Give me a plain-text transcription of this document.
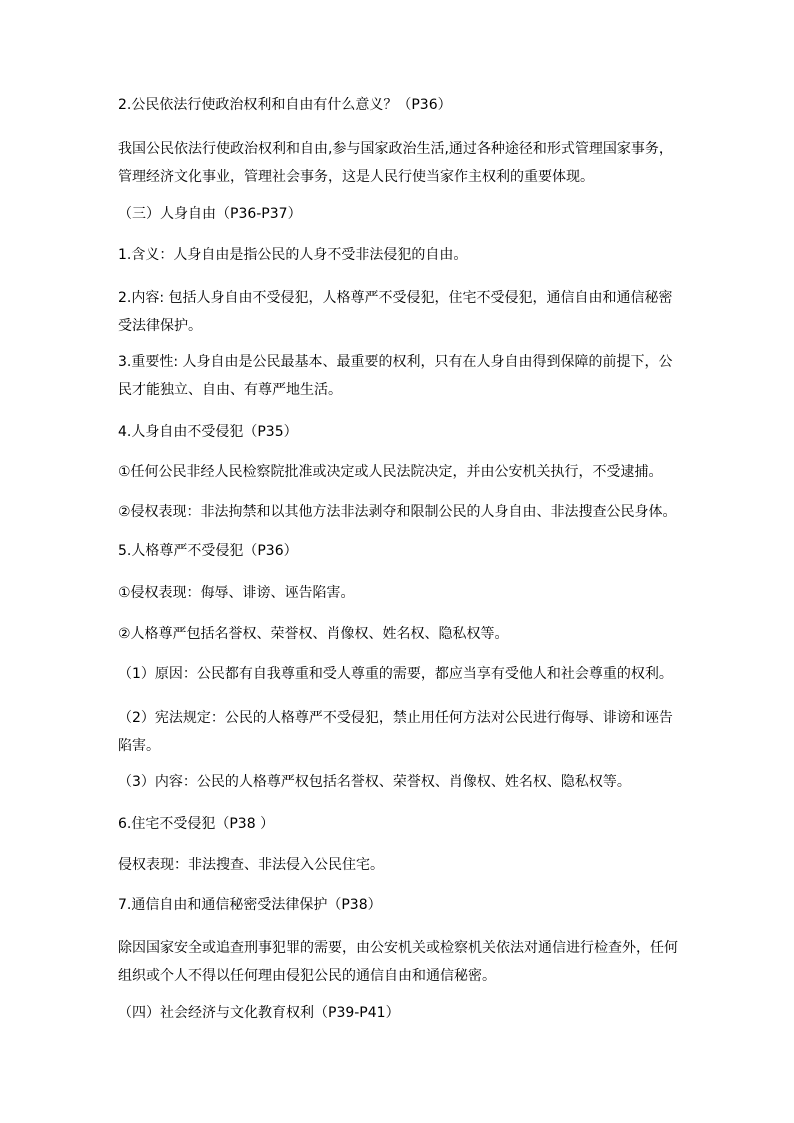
2.公民依法行使政治权利和自由有什么意义？（P36）

我国公民依法行使政治权利和自由,参与国家政治生活,通过各种途径和形式管理国家事务，
管理经济文化事业，管理社会事务，这是人民行使当家作主权利的重要体现。

（三）人身自由（P36-P37）

1.含义：人身自由是指公民的人身不受非法侵犯的自由。

2.内容: 包括人身自由不受侵犯，人格尊严不受侵犯，住宅不受侵犯，通信自由和通信秘密
受法律保护。

3.重要性: 人身自由是公民最基本、最重要的权利，只有在人身自由得到保障的前提下，公
民才能独立、自由、有尊严地生活。

4.人身自由不受侵犯（P35）

①任何公民非经人民检察院批准或决定或人民法院决定，并由公安机关执行，不受逮捕。

②侵权表现：非法拘禁和以其他方法非法剥夺和限制公民的人身自由、非法搜查公民身体。

5.人格尊严不受侵犯（P36）

①侵权表现：侮辱、诽谤、诬告陷害。

②人格尊严包括名誉权、荣誉权、肖像权、姓名权、隐私权等。

（1）原因：公民都有自我尊重和受人尊重的需要，都应当享有受他人和社会尊重的权利。

（2）宪法规定：公民的人格尊严不受侵犯，禁止用任何方法对公民进行侮辱、诽谤和诬告
陷害。

（3）内容：公民的人格尊严权包括名誉权、荣誉权、肖像权、姓名权、隐私权等。

6.住宅不受侵犯（P38 ）

侵权表现：非法搜查、非法侵入公民住宅。

7.通信自由和通信秘密受法律保护（P38）

除因国家安全或追查刑事犯罪的需要，由公安机关或检察机关依法对通信进行检查外，任何
组织或个人不得以任何理由侵犯公民的通信自由和通信秘密。

（四）社会经济与文化教育权利（P39-P41）
